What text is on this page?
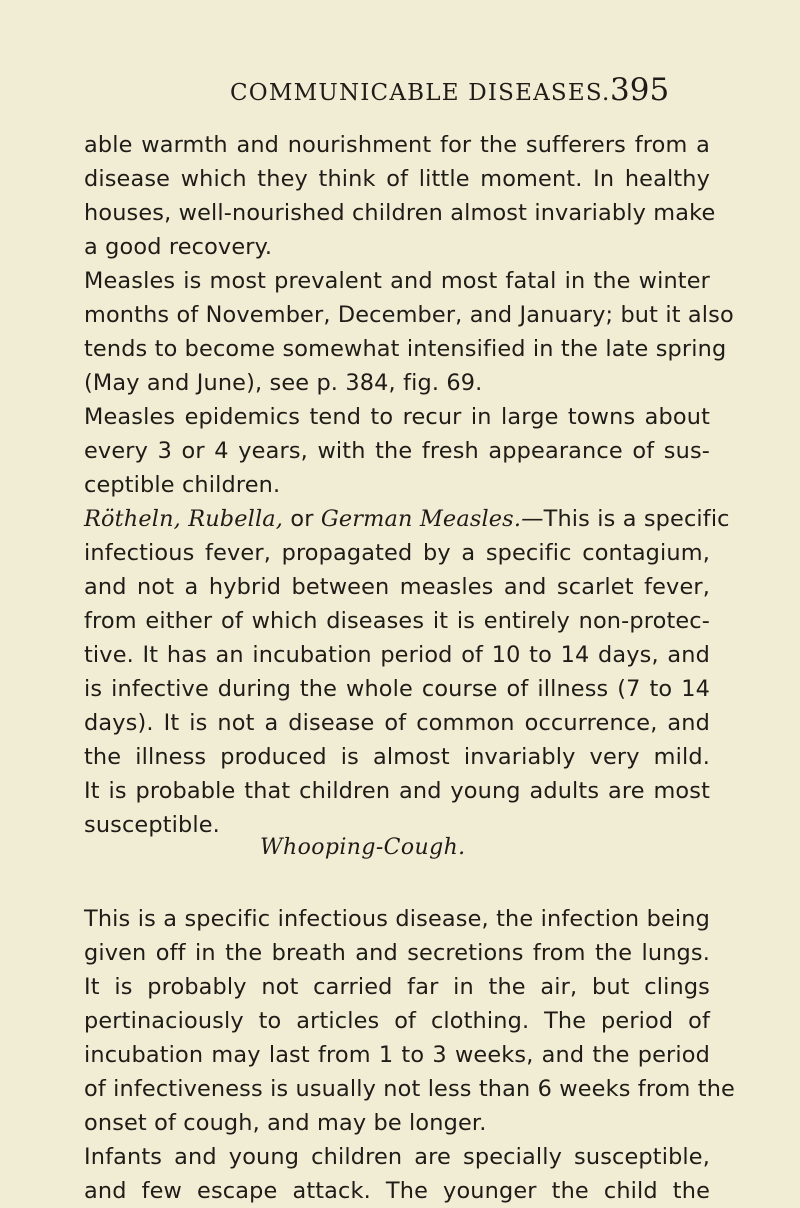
COMMUNICABLE DISEASES. 395
able warmth and nourishment for the sufferers from a
disease which they think of little moment. In healthy
houses, well-nourished children almost invariably make
a good recovery.
Measles is most prevalent and most fatal in the winter
months of November, December, and January; but it also
tends to become somewhat intensified in the late spring
(May and June), see p. 384, fig. 69.
Measles epidemics tend to recur in large towns about
every 3 or 4 years, with the fresh appearance of sus-
ceptible children.
Rötheln, Rubella, or German Measles.—This is a specific
infectious fever, propagated by a specific contagium,
and not a hybrid between measles and scarlet fever,
from either of which diseases it is entirely non-protec-
tive. It has an incubation period of 10 to 14 days, and
is infective during the whole course of illness (7 to 14
days). It is not a disease of common occurrence, and
the illness produced is almost invariably very mild.
It is probable that children and young adults are most
susceptible.
This is a specific infectious disease, the infection being
given off in the breath and secretions from the lungs.
It is probably not carried far in the air, but clings
pertinaciously to articles of clothing. The period of
incubation may last from 1 to 3 weeks, and the period
of infectiveness is usually not less than 6 weeks from the
onset of cough, and may be longer.
Infants and young children are specially susceptible,
and few escape attack. The younger the child the
Whooping-Cough.
